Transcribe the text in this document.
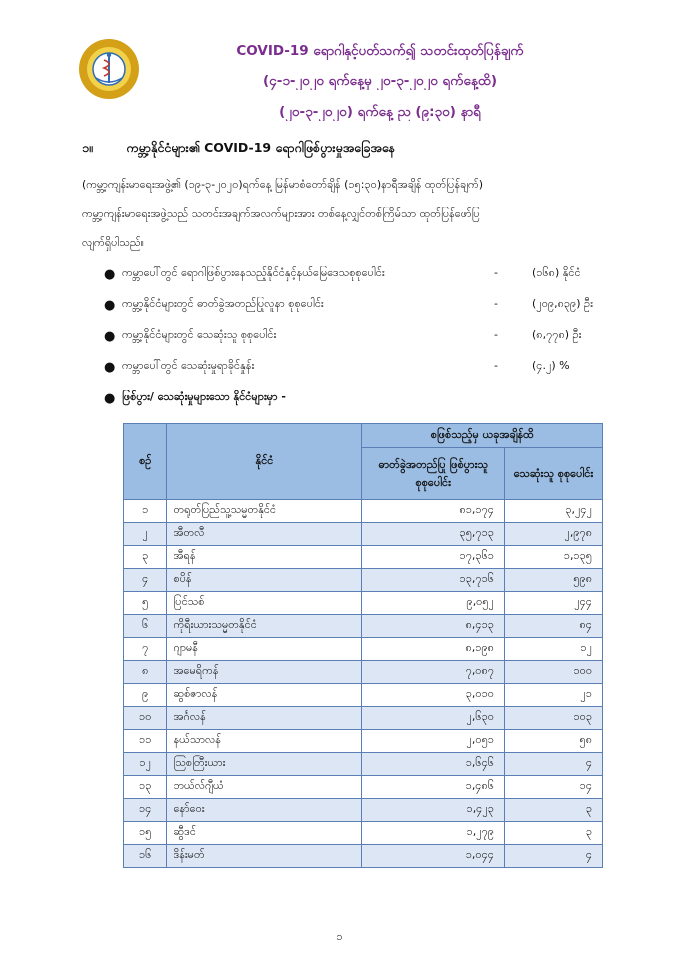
COVID-19 ရောဂါနှင့်ပတ်သက်၍ သတင်းထုတ်ပြန်ချက်
(၄-၁-၂၀၂၀ ရက်နေ့မှ ၂၀-၃-၂၀၂၀ ရက်နေ့ထိ)
(၂၀-၃-၂၀၂၀) ရက်နေ့ ည (၉:၃၀) နာရီ
၁။	ကမ္ဘာ့နိုင်ငံများ၏ COVID-19 ရောဂါဖြစ်ပွားမှုအခြေအနေ
(ကမ္ဘာ့ကျန်းမာရေးအဖွဲ့၏ (၁၉-၃-၂၀၂၀)ရက်နေ့ မြန်မာစံတော်ချိန် (၁၅:၃၀)နာရီအချိန် ထုတ်ပြန်ချက်)
ကမ္ဘာ့ကျန်းမာရေးအဖွဲ့သည် သတင်းအချက်အလက်များအား တစ်နေ့လျှင်တစ်ကြိမ်သာ ထုတ်ပြန်ဖော်ပြ
လျက်ရှိပါသည်။
● ကမ္ဘာပေါ်တွင် ရောဂါဖြစ်ပွားနေသည့်နိုင်ငံနှင့်နယ်မြေဒေသစုစုပေါင်း	-	(၁၆၈) နိုင်ငံ
● ကမ္ဘာ့နိုင်ငံများတွင် ဓာတ်ခွဲအတည်ပြုလူနာ စုစုပေါင်း	-	(၂၀၉,၈၃၉) ဦး
● ကမ္ဘာ့နိုင်ငံများတွင် သေဆုံးသူ စုစုပေါင်း	-	(၈,၇၇၈) ဦး
● ကမ္ဘာပေါ်တွင် သေဆုံးမှုရာခိုင်နှုန်း	-	(၄.၂) %
● ဖြစ်ပွား/ သေဆုံးမှုများသော နိုင်ငံများမှာ -
စဉ်	နိုင်ငံ	စဖြစ်သည့်မှ ယခုအချိန်ထိ	
		ဓာတ်ခွဲအတည်ပြု ဖြစ်ပွားသူ စုစုပေါင်း	သေဆုံးသူ စုစုပေါင်း
၁	တရုတ်ပြည်သူ့သမ္မတနိုင်ငံ	၈၁,၁၇၄	၃,၂၄၂
၂	အီတလီ	၃၅,၇၁၃	၂,၉၇၈
၃	အီရန်	၁၇,၃၆၁	၁,၁၃၅
၄	စပိန်	၁၃,၇၁၆	၅၉၈
၅	ပြင်သစ်	၉,၀၅၂	၂၄၄
၆	ကိုရီးယားသမ္မတနိုင်ငံ	၈,၄၁၃	၈၄
၇	ဂျာမနီ	၈,၁၉၈	၁၂
၈	အမေရိကန်	၇,၀၈၇	၁၀၀
၉	ဆွစ်ဇာလန်	၃,၀၁၀	၂၁
၁၀	အင်္ဂလန်	၂,၆၃၀	၁၀၃
၁၁	နယ်သာလန်	၂,၀၅၁	၅၈
၁၂	သြစတြီးယား	၁,၆၄၆	၄
၁၃	ဘယ်လ်ဂျီယံ	၁,၄၈၆	၁၄
၁၄	နော်ဝေး	၁,၄၂၃	၃
၁၅	ဆွီဒင်	၁,၂၇၉	၃
၁၆	ဒိန်းမတ်	၁,၀၄၄	၄
၁
